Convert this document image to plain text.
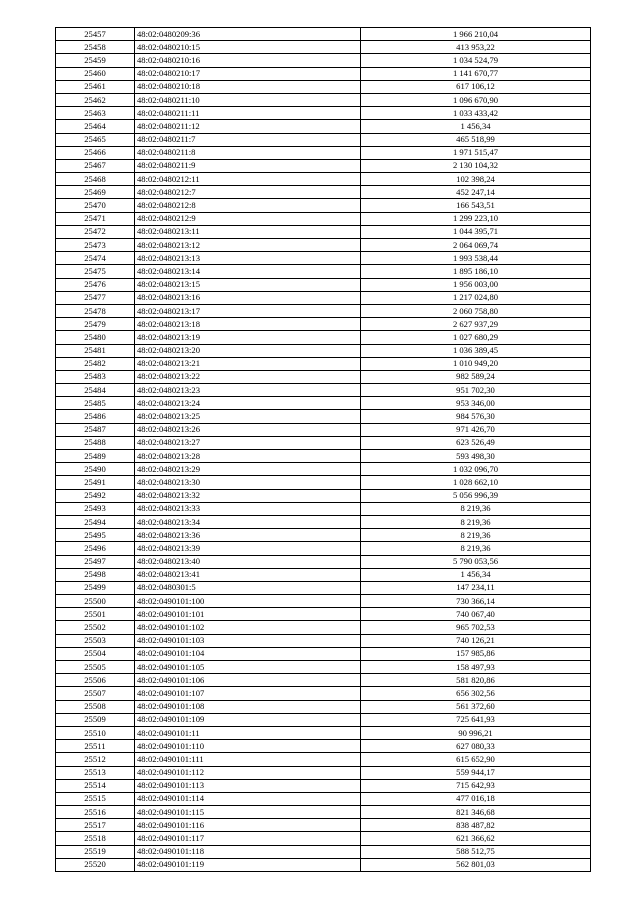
25457	48:02:0480209:36	1 966 210,04
25458	48:02:0480210:15	413 953,22
25459	48:02:0480210:16	1 034 524,79
25460	48:02:0480210:17	1 141 670,77
25461	48:02:0480210:18	617 106,12
25462	48:02:0480211:10	1 096 670,90
25463	48:02:0480211:11	1 033 433,42
25464	48:02:0480211:12	1 456,34
25465	48:02:0480211:7	465 518,99
25466	48:02:0480211:8	1 971 515,47
25467	48:02:0480211:9	2 130 104,32
25468	48:02:0480212:11	102 398,24
25469	48:02:0480212:7	452 247,14
25470	48:02:0480212:8	166 543,51
25471	48:02:0480212:9	1 299 223,10
25472	48:02:0480213:11	1 044 395,71
25473	48:02:0480213:12	2 064 069,74
25474	48:02:0480213:13	1 993 538,44
25475	48:02:0480213:14	1 895 186,10
25476	48:02:0480213:15	1 956 003,00
25477	48:02:0480213:16	1 217 024,80
25478	48:02:0480213:17	2 060 758,80
25479	48:02:0480213:18	2 627 937,29
25480	48:02:0480213:19	1 027 680,29
25481	48:02:0480213:20	1 036 389,45
25482	48:02:0480213:21	1 010 949,20
25483	48:02:0480213:22	982 589,24
25484	48:02:0480213:23	951 702,30
25485	48:02:0480213:24	953 346,00
25486	48:02:0480213:25	984 576,30
25487	48:02:0480213:26	971 426,70
25488	48:02:0480213:27	623 526,49
25489	48:02:0480213:28	593 498,30
25490	48:02:0480213:29	1 032 096,70
25491	48:02:0480213:30	1 028 662,10
25492	48:02:0480213:32	5 056 996,39
25493	48:02:0480213:33	8 219,36
25494	48:02:0480213:34	8 219,36
25495	48:02:0480213:36	8 219,36
25496	48:02:0480213:39	8 219,36
25497	48:02:0480213:40	5 790 053,56
25498	48:02:0480213:41	1 456,34
25499	48:02:0480301:5	147 234,11
25500	48:02:0490101:100	730 366,14
25501	48:02:0490101:101	740 067,40
25502	48:02:0490101:102	965 702,53
25503	48:02:0490101:103	740 126,21
25504	48:02:0490101:104	157 985,86
25505	48:02:0490101:105	158 497,93
25506	48:02:0490101:106	581 820,86
25507	48:02:0490101:107	656 302,56
25508	48:02:0490101:108	561 372,60
25509	48:02:0490101:109	725 641,93
25510	48:02:0490101:11	90 996,21
25511	48:02:0490101:110	627 080,33
25512	48:02:0490101:111	615 652,90
25513	48:02:0490101:112	559 944,17
25514	48:02:0490101:113	715 642,93
25515	48:02:0490101:114	477 016,18
25516	48:02:0490101:115	821 346,68
25517	48:02:0490101:116	838 487,82
25518	48:02:0490101:117	621 366,62
25519	48:02:0490101:118	588 512,75
25520	48:02:0490101:119	562 801,03
